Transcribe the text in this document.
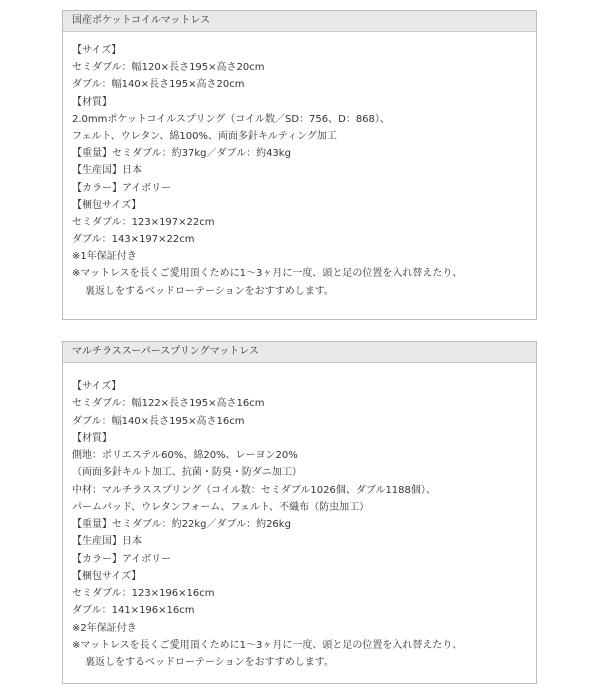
国産ポケットコイルマットレス
【サイズ】
セミダブル：幅120×長さ195×高さ20cm
ダブル：幅140×長さ195×高さ20cm
【材質】
2.0mmポケットコイルスプリング（コイル数／SD：756、D：868）、
フェルト、ウレタン、綿100%、両面多針キルティング加工
【重量】セミダブル：約37kg／ダブル：約43kg
【生産国】日本
【カラー】アイボリー
【梱包サイズ】
セミダブル：123×197×22cm
ダブル：143×197×22cm
※1年保証付き
※マットレスを長くご愛用頂くために1〜3ヶ月に一度、頭と足の位置を入れ替えたり、
裏返しをするベッドローテーションをおすすめします。
マルチラススーパースプリングマットレス
【サイズ】
セミダブル：幅122×長さ195×高さ16cm
ダブル：幅140×長さ195×高さ16cm
【材質】
側地：ポリエステル60%、綿20%、レーヨン20%
（両面多針キルト加工、抗菌・防臭・防ダニ加工）
中材：マルチラススプリング（コイル数：セミダブル1026個、ダブル1188個）、
パームパッド、ウレタンフォーム、フェルト、不織布（防虫加工）
【重量】セミダブル：約22kg／ダブル：約26kg
【生産国】日本
【カラー】アイボリー
【梱包サイズ】
セミダブル：123×196×16cm
ダブル：141×196×16cm
※2年保証付き
※マットレスを長くご愛用頂くために1〜3ヶ月に一度、頭と足の位置を入れ替えたり、
裏返しをするベッドローテーションをおすすめします。
